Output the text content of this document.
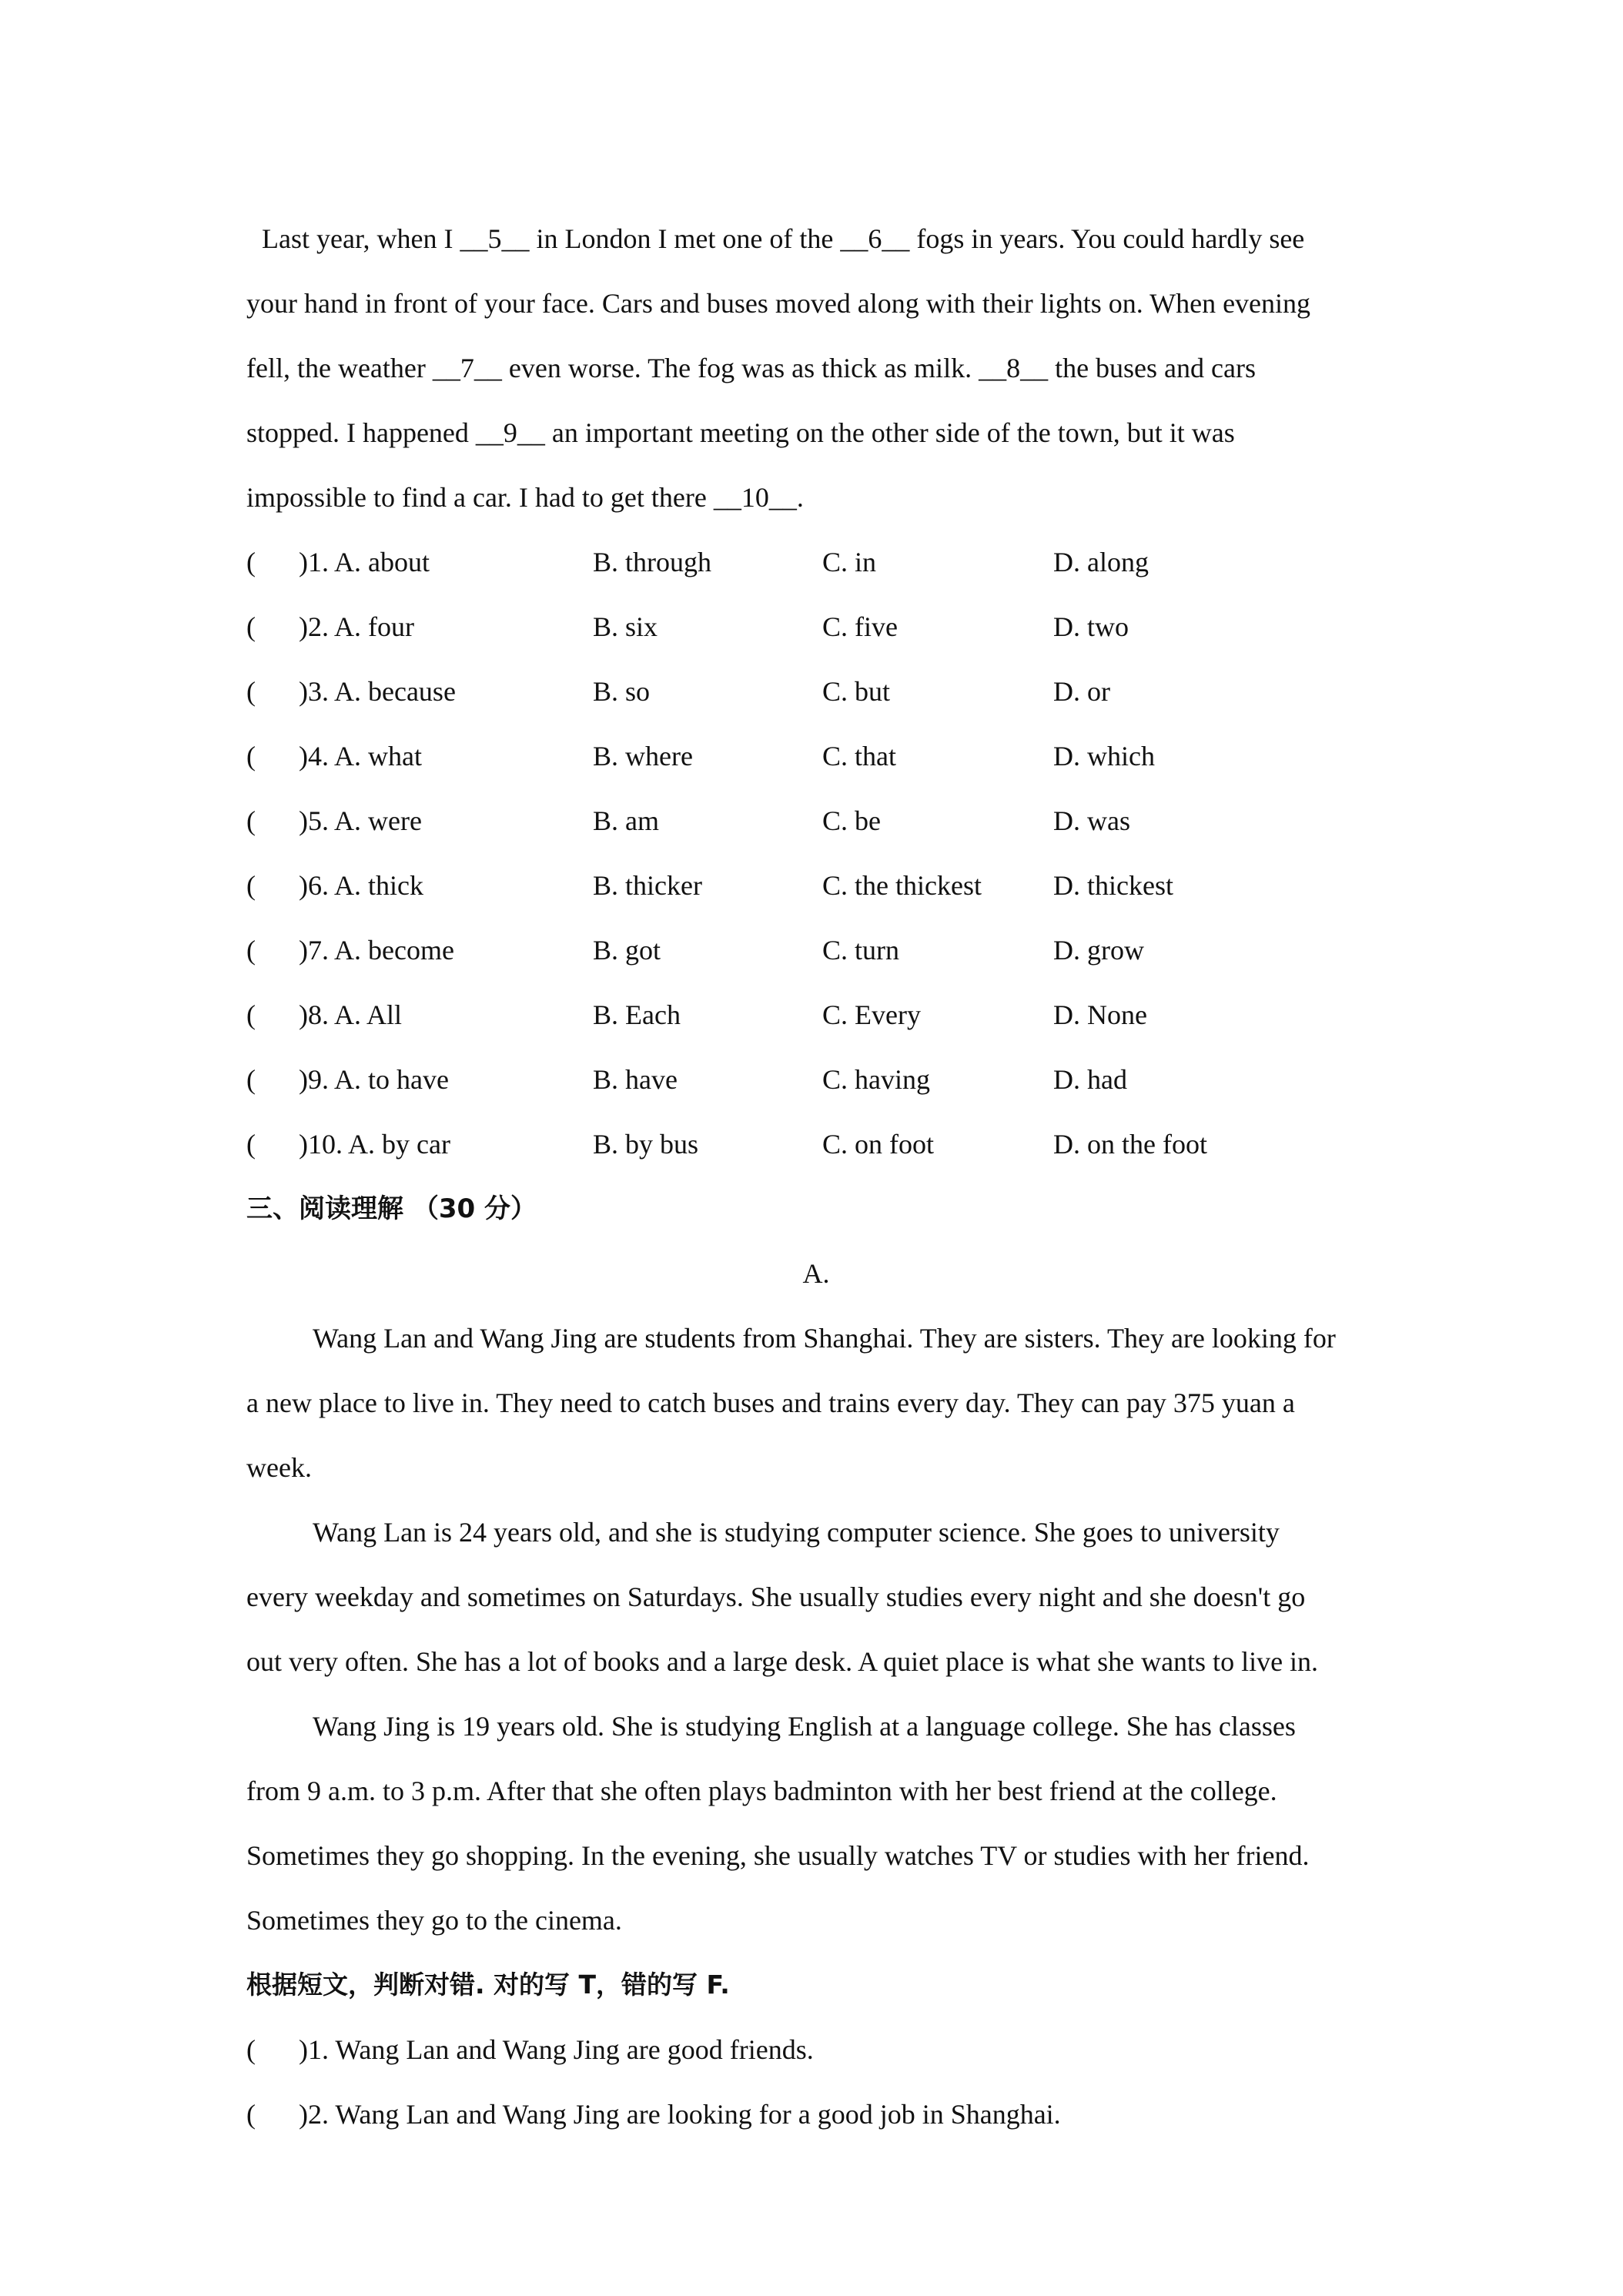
Last year, when I __5__ in London I met one of the __6__ fogs in years. You could hardly see
your hand in front of your face. Cars and buses moved along with their lights on. When evening
fell, the weather __7__ even worse. The fog was as thick as milk. __8__ the buses and cars
stopped. I happened __9__ an important meeting on the other side of the town, but it was
impossible to find a car. I had to get there __10__.
( )1. A. about	B. through	C. in	D. along
( )2. A. four	B. six	C. five	D. two
( )3. A. because	B. so	C. but	D. or
( )4. A. what	B. where	C. that	D. which
( )5. A. were	B. am	C. be	D. was
( )6. A. thick	B. thicker	C. the thickest	D. thickest
( )7. A. become	B. got	C. turn	D. grow
( )8. A. All	B. Each	C. Every	D. None
( )9. A. to have	B. have	C. having	D. had
( )10. A. by car	B. by bus	C. on foot	D. on the foot
三、阅读理解 （30 分）
A.
Wang Lan and Wang Jing are students from Shanghai. They are sisters. They are looking for
a new place to live in. They need to catch buses and trains every day. They can pay 375 yuan a
week.
Wang Lan is 24 years old, and she is studying computer science. She goes to university
every weekday and sometimes on Saturdays. She usually studies every night and she doesn't go
out very often. She has a lot of books and a large desk. A quiet place is what she wants to live in.
Wang Jing is 19 years old. She is studying English at a language college. She has classes
from 9 a.m. to 3 p.m. After that she often plays badminton with her best friend at the college.
Sometimes they go shopping. In the evening, she usually watches TV or studies with her friend.
Sometimes they go to the cinema.
根据短文，判断对错. 对的写 T，错的写 F.
( )1. Wang Lan and Wang Jing are good friends.
( )2. Wang Lan and Wang Jing are looking for a good job in Shanghai.
